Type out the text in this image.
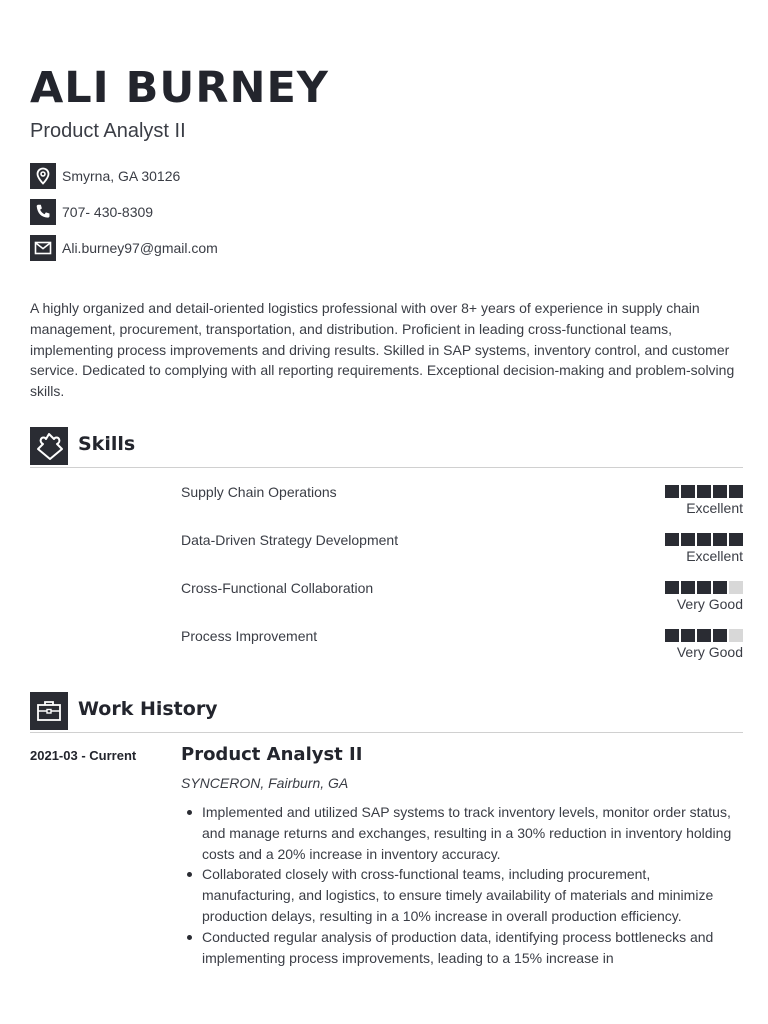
ALI BURNEY
Product Analyst II
Smyrna, GA 30126
707- 430-8309
Ali.burney97@gmail.com

A highly organized and detail-oriented logistics professional with over 8+ years of experience in supply chain management, procurement, transportation, and distribution. Proficient in leading cross-functional teams, implementing process improvements and driving results. Skilled in SAP systems, inventory control, and customer service. Dedicated to complying with all reporting requirements. Exceptional decision-making and problem-solving skills.

Skills
Supply Chain Operations
Excellent
Data-Driven Strategy Development
Excellent
Cross-Functional Collaboration
Very Good
Process Improvement
Very Good
Work History
2021-03 - Current Product Analyst II
SYNCERON, Fairburn, GA
Implemented and utilized SAP systems to track inventory levels, monitor order status, and manage returns and exchanges, resulting in a 30% reduction in inventory holding costs and a 20% increase in inventory accuracy.
Collaborated closely with cross-functional teams, including procurement, manufacturing, and logistics, to ensure timely availability of materials and minimize production delays, resulting in a 10% increase in overall production efficiency.
Conducted regular analysis of production data, identifying process bottlenecks and implementing process improvements, leading to a 15% increase in
